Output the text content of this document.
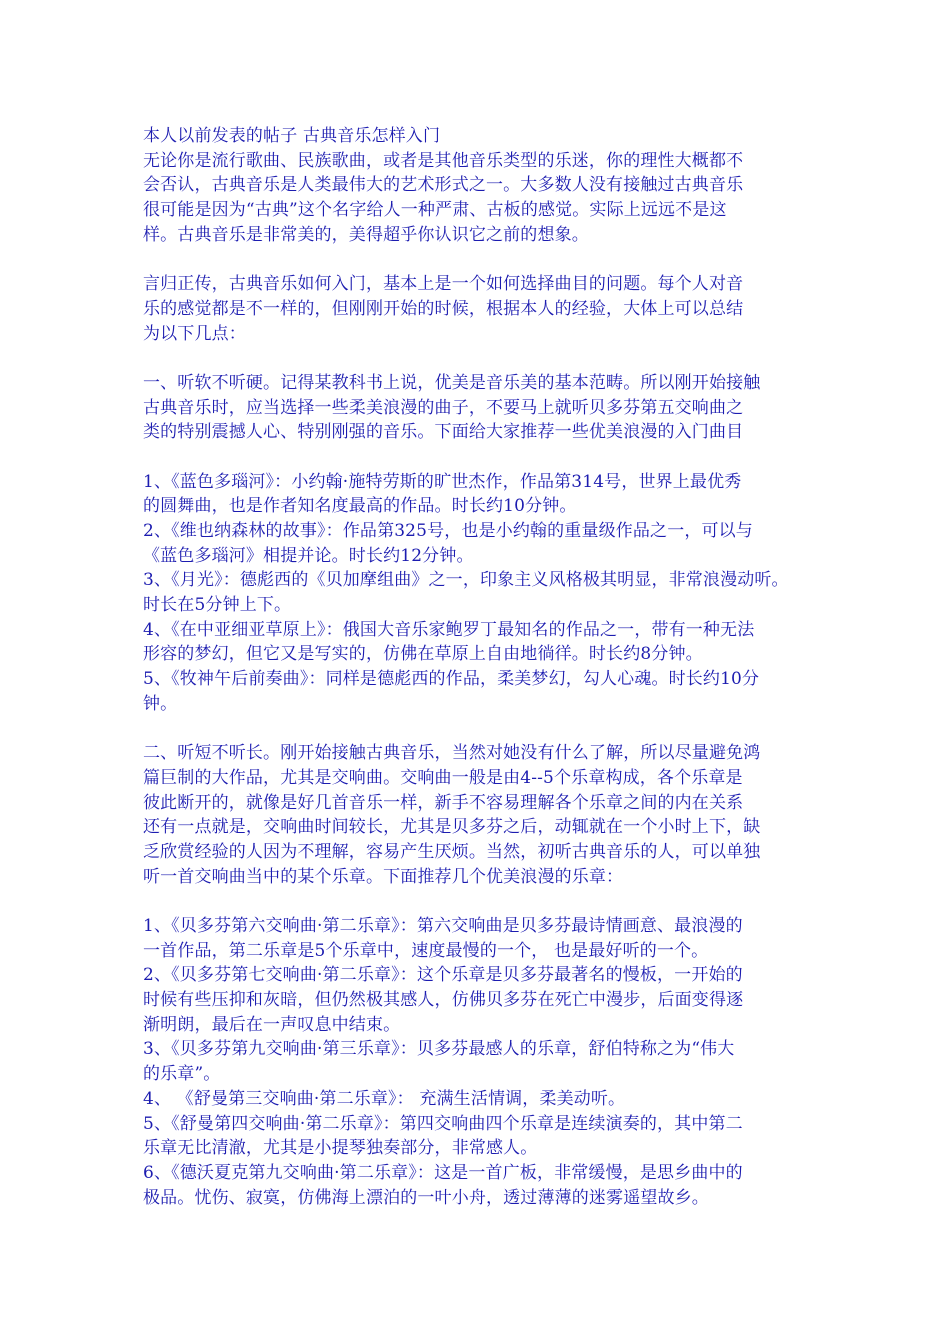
本人以前发表的帖子 古典音乐怎样入门
无论你是流行歌曲、民族歌曲，或者是其他音乐类型的乐迷，你的理性大概都不
会否认，古典音乐是人类最伟大的艺术形式之一。大多数人没有接触过古典音乐
很可能是因为“古典”这个名字给人一种严肃、古板的感觉。实际上远远不是这
样。古典音乐是非常美的，美得超乎你认识它之前的想象。
言归正传，古典音乐如何入门，基本上是一个如何选择曲目的问题。每个人对音
乐的感觉都是不一样的，但刚刚开始的时候，根据本人的经验，大体上可以总结
为以下几点：
一、听软不听硬。记得某教科书上说，优美是音乐美的基本范畴。所以刚开始接触
古典音乐时，应当选择一些柔美浪漫的曲子，不要马上就听贝多芬第五交响曲之
类的特别震撼人心、特别刚强的音乐。下面给大家推荐一些优美浪漫的入门曲目
1、《蓝色多瑙河》：小约翰·施特劳斯的旷世杰作，作品第314号，世界上最优秀
的圆舞曲，也是作者知名度最高的作品。时长约10分钟。
2、《维也纳森林的故事》：作品第325号，也是小约翰的重量级作品之一，可以与
《蓝色多瑙河》相提并论。时长约12分钟。
3、《月光》：德彪西的《贝加摩组曲》之一，印象主义风格极其明显，非常浪漫动听。
时长在5分钟上下。
4、《在中亚细亚草原上》：俄国大音乐家鲍罗丁最知名的作品之一，带有一种无法
形容的梦幻，但它又是写实的，仿佛在草原上自由地徜徉。时长约8分钟。
5、《牧神午后前奏曲》：同样是德彪西的作品，柔美梦幻，勾人心魂。时长约10分
钟。
二、听短不听长。刚开始接触古典音乐，当然对她没有什么了解，所以尽量避免鸿
篇巨制的大作品，尤其是交响曲。交响曲一般是由4--5个乐章构成，各个乐章是
彼此断开的，就像是好几首音乐一样，新手不容易理解各个乐章之间的内在关系
还有一点就是，交响曲时间较长，尤其是贝多芬之后，动辄就在一个小时上下，缺
乏欣赏经验的人因为不理解，容易产生厌烦。当然，初听古典音乐的人，可以单独
听一首交响曲当中的某个乐章。下面推荐几个优美浪漫的乐章：
1、《贝多芬第六交响曲·第二乐章》：第六交响曲是贝多芬最诗情画意、最浪漫的
一首作品，第二乐章是5个乐章中，速度最慢的一个， 也是最好听的一个。
2、《贝多芬第七交响曲·第二乐章》：这个乐章是贝多芬最著名的慢板，一开始的
时候有些压抑和灰暗，但仍然极其感人，仿佛贝多芬在死亡中漫步，后面变得逐
渐明朗，最后在一声叹息中结束。
3、《贝多芬第九交响曲·第三乐章》：贝多芬最感人的乐章，舒伯特称之为“伟大
的乐章”。
4、 《舒曼第三交响曲·第二乐章》： 充满生活情调，柔美动听。
5、《舒曼第四交响曲·第二乐章》：第四交响曲四个乐章是连续演奏的，其中第二
乐章无比清澈，尤其是小提琴独奏部分，非常感人。
6、《德沃夏克第九交响曲·第二乐章》：这是一首广板，非常缓慢，是思乡曲中的
极品。忧伤、寂寞，仿佛海上漂泊的一叶小舟，透过薄薄的迷雾遥望故乡。
